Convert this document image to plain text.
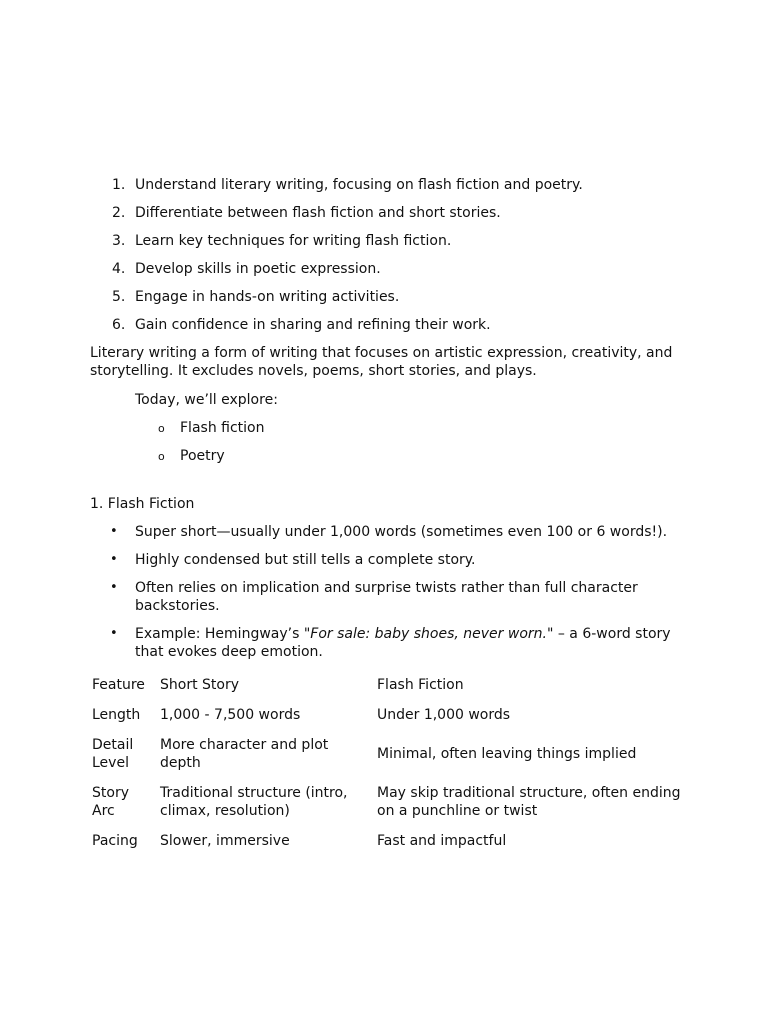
1. Understand literary writing, focusing on flash fiction and poetry.
2. Differentiate between flash fiction and short stories.
3. Learn key techniques for writing flash fiction.
4. Develop skills in poetic expression.
5. Engage in hands-on writing activities.
6. Gain confidence in sharing and refining their work.

Literary writing a form of writing that focuses on artistic expression, creativity, and storytelling. It excludes novels, poems, short stories, and plays.

Today, we’ll explore:
o Flash fiction
o Poetry
1. Flash Fiction
• Super short—usually under 1,000 words (sometimes even 100 or 6 words!).
• Highly condensed but still tells a complete story.
• Often relies on implication and surprise twists rather than full character backstories.
• Example: Hemingway’s "For sale: baby shoes, never worn." – a 6-word story that evokes deep emotion.
Feature	Short Story	Flash Fiction
Length	1,000 - 7,500 words	Under 1,000 words
Detail Level	More character and plot depth	Minimal, often leaving things implied
Story Arc	Traditional structure (intro, climax, resolution)	May skip traditional structure, often ending on a punchline or twist
Pacing	Slower, immersive	Fast and impactful
